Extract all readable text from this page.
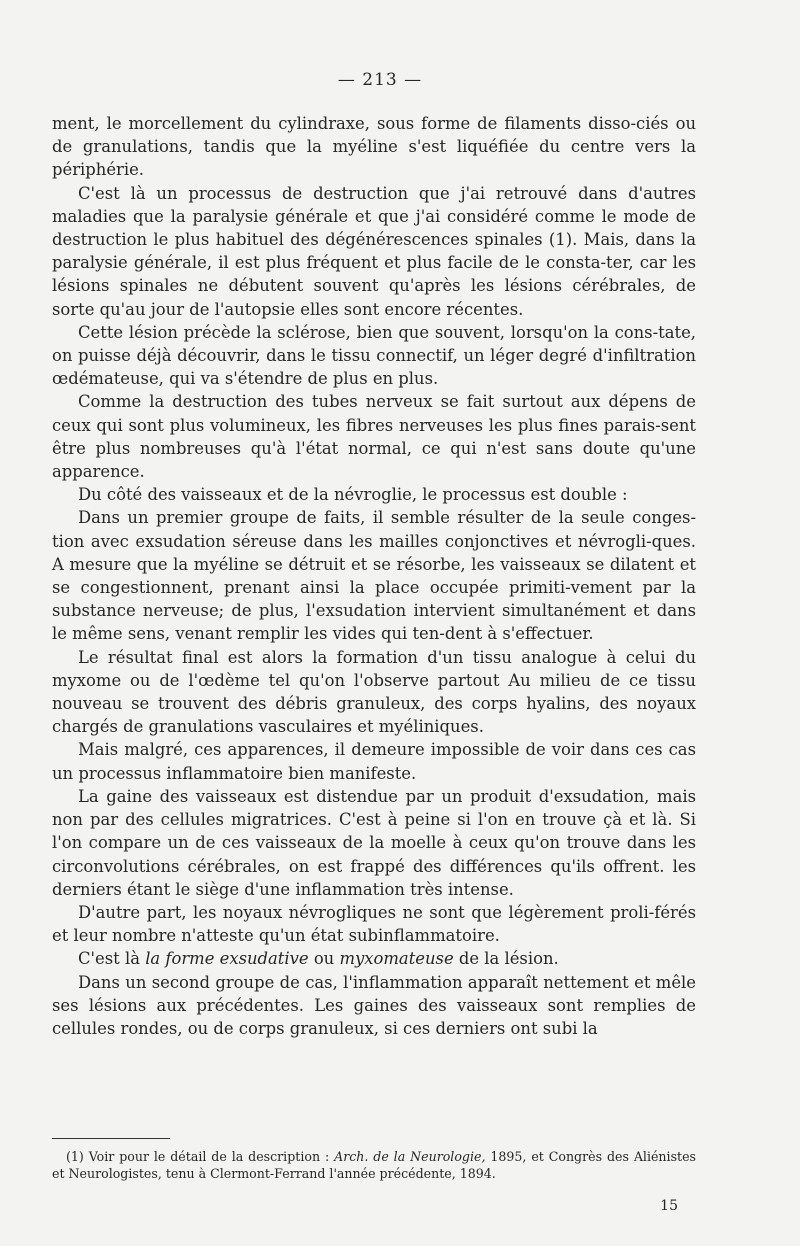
— 213 —

ment, le morcellement du cylindraxe, sous forme de filaments disso-ciés ou de granulations, tandis que la myéline s'est liquéfiée du centre vers la périphérie.

C'est là un processus de destruction que j'ai retrouvé dans d'autres maladies que la paralysie générale et que j'ai considéré comme le mode de destruction le plus habituel des dégénérescences spinales (1). Mais, dans la paralysie générale, il est plus fréquent et plus facile de le consta-ter, car les lésions spinales ne débutent souvent qu'après les lésions cérébrales, de sorte qu'au jour de l'autopsie elles sont encore récentes.

Cette lésion précède la sclérose, bien que souvent, lorsqu'on la cons-tate, on puisse déjà découvrir, dans le tissu connectif, un léger degré d'infiltration œdémateuse, qui va s'étendre de plus en plus.

Comme la destruction des tubes nerveux se fait surtout aux dépens de ceux qui sont plus volumineux, les fibres nerveuses les plus fines parais-sent être plus nombreuses qu'à l'état normal, ce qui n'est sans doute qu'une apparence.

Du côté des vaisseaux et de la névroglie, le processus est double :

Dans un premier groupe de faits, il semble résulter de la seule conges-tion avec exsudation séreuse dans les mailles conjonctives et névrogli-ques. A mesure que la myéline se détruit et se résorbe, les vaisseaux se dilatent et se congestionnent, prenant ainsi la place occupée primiti-vement par la substance nerveuse; de plus, l'exsudation intervient simultanément et dans le même sens, venant remplir les vides qui ten-dent à s'effectuer.

Le résultat final est alors la formation d'un tissu analogue à celui du myxome ou de l'œdème tel qu'on l'observe partout Au milieu de ce tissu nouveau se trouvent des débris granuleux, des corps hyalins, des noyaux chargés de granulations vasculaires et myéliniques.

Mais malgré, ces apparences, il demeure impossible de voir dans ces cas un processus inflammatoire bien manifeste.

La gaine des vaisseaux est distendue par un produit d'exsudation, mais non par des cellules migratrices. C'est à peine si l'on en trouve çà et là. Si l'on compare un de ces vaisseaux de la moelle à ceux qu'on trouve dans les circonvolutions cérébrales, on est frappé des différences qu'ils offrent. les derniers étant le siège d'une inflammation très intense.

D'autre part, les noyaux névrogliques ne sont que légèrement proli-férés et leur nombre n'atteste qu'un état subinflammatoire.

C'est là la forme exsudative ou myxomateuse de la lésion.

Dans un second groupe de cas, l'inflammation apparaît nettement et mêle ses lésions aux précédentes. Les gaines des vaisseaux sont remplies de cellules rondes, ou de corps granuleux, si ces derniers ont subi la

(1) Voir pour le détail de la description : Arch. de la Neurologie, 1895, et Congrès des Aliénistes et Neurologistes, tenu à Clermont-Ferrand l'année précédente, 1894.

15
